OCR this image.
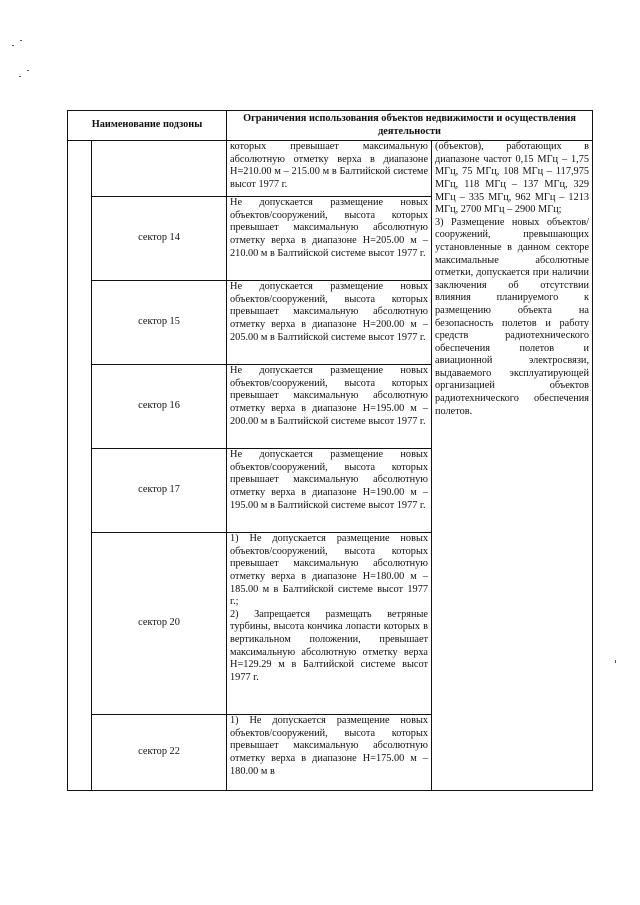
Наименование подзоны		Ограничения использования объектов недвижимости и осуществления деятельности	
		которых превышает максимальную абсолютную отметку верха в диапазоне H=210.00 м – 215.00 м в Балтийской системе высот 1977 г.	(объектов), работающих в диапазоне частот 0,15 МГц – 1,75 МГц, 75 МГц, 108 МГц – 117,975 МГц, 118 МГц – 137 МГц, 329 МГц – 335 МГц, 962 МГц – 1213 МГц, 2700 МГц – 2900 МГц;
3) Размещение новых объектов/сооружений, превышающих установленные в данном секторе максимальные абсолютные отметки, допускается при наличии заключения об отсутствии влияния планируемого к размещению объекта на безопасность полетов и работу средств радиотехнического обеспечения полетов и авиационной электросвязи, выдаваемого эксплуатирующей организацией объектов радиотехнического обеспечения полетов.

	сектор 14	Не допускается размещение новых объектов/сооружений, высота которых превышает максимальную абсолютную отметку верха в диапазоне H=205.00 м – 210.00 м в Балтийской системе высот 1977 г.	
	сектор 15	Не допускается размещение новых объектов/сооружений, высота которых превышает максимальную абсолютную отметку верха в диапазоне H=200.00 м – 205.00 м в Балтийской системе высот 1977 г.	
	сектор 16	Не допускается размещение новых объектов/сооружений, высота которых превышает максимальную абсолютную отметку верха в диапазоне H=195.00 м – 200.00 м в Балтийской системе высот 1977 г.	
	сектор 17	Не допускается размещение новых объектов/сооружений, высота которых превышает максимальную абсолютную отметку верха в диапазоне H=190.00 м – 195.00 м в Балтийской системе высот 1977 г.	
	сектор 20	1) Не допускается размещение новых объектов/сооружений, высота которых превышает максимальную абсолютную отметку верха в диапазоне H=180.00 м – 185.00 м в Балтийской системе высот 1977 г.;
2) Запрещается размещать ветряные турбины, высота кончика лопасти которых в вертикальном положении, превышает максимальную абсолютную отметку верха H=129.29 м в Балтийской системе высот 1977 г.	

	сектор 22	1) Не допускается размещение новых объектов/сооружений, высота которых превышает максимальную абсолютную отметку верха в диапазоне H=175.00 м – 180.00 м в	
